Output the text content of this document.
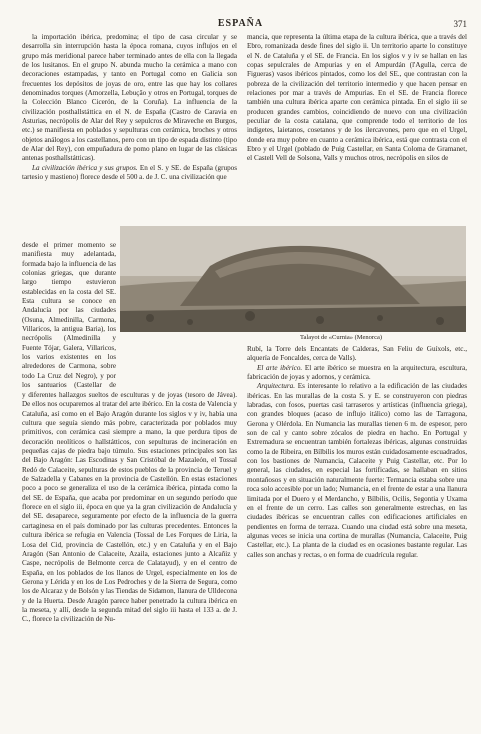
ESPAÑA	371

la importación ibérica, predomina; el tipo de casa circular y se desarrolla sin interrupción hasta la época romana, cuyos influjos en el grupo más meridional parece haber terminado antes de ella con la llegada de los lusitanos. En el grupo N. abunda mucho la cerámica a mano con decoraciones estampadas, y tanto en Portugal como en Galicia son frecuentes los depósitos de joyas de oro, entre las que hay los collares denominados torques (Amorzella, Lebução y otros en Portugal, torques de la Colección Blanco Cicerón, de la Coruña). La influencia de la civilización posthallstáttica en el N. de España (Castro de Caravia en Asturias, necrópolis de Alar del Rey y sepulcros de Miraveche en Burgos, etc.) se manifiesta en poblados y sepulturas con cerámica, broches y otros objetos análogos a los castellanos, pero con un tipo de espada distinto (tipo de Alar del Rey), con empuñadura de pomo plano en lugar de las clásicas antenas posthallstátticas).

La civilización ibérica y sus grupos. En el S. y SE. de España (grupos tartesio y mastieno) florece desde el 500 a. de J. C. una civilización que

desde el primer momento se manifiesta muy adelantada, formada bajo la influencia de las colonias griegas, que durante largo tiempo estuvieron establecidas en la costa del SE. Esta cultura se conoce en Andalucía por las ciudades (Osuna, Almedinilla, Carmona, Villaricos, la antigua Baria), los necrópolis (Almedinilla y Fuente Tójar, Galera, Villaricos, los varios existentes en los alrededores de Carmona, sobre todo La Cruz del Negro), y por los santuarios (Castellar de

Talayot de «Curnia» (Menorca)

y diferentes hallazgos sueltos de esculturas y de joyas (tesoro de Jávea). De ellos nos ocuparemos al tratar del arte ibérico. En la costa de Valencia y Cataluña, así como en el Bajo Aragón durante los siglos v y iv, había una cultura que seguía siendo más pobre, caracterizada por poblados muy primitivos, con cerámica casi siempre a mano, la que perdura tipos de decoración neolíticos o hallstátticos, con sepulturas de incineración en pequeñas cajas de piedra bajo túmulo. Sus estaciones principales son las del Bajo Aragón: Las Escodinas y San Cristóbal de Mazaleón, el Tossal Redó de Calaceite, sepulturas de estos pueblos de la provincia de Teruel y de Salzadella y Cabanes en la provincia de Castellón. En estas estaciones poco a poco se generaliza el uso de la cerámica ibérica, pintada como la del SE. de España, que acaba por predominar en un segundo período que florece en el siglo iii, época en que ya la gran civilización de Andalucía y del SE. desaparece, seguramente por efecto de la influencia de la guerra cartaginesa en el país dominado por las culturas precedentes. Entonces la cultura ibérica se refugia en Valencia (Tossal de Les Forques de Liria, la Losa del Cid, provincia de Castellón, etc.) y en Cataluña y en el Bajo Aragón (San Antonio de Calaceite, Azaila, estaciones junto a Alcañiz y Caspe, necrópolis de Belmonte cerca de Calatayud), y en el centro de España, en los poblados de los llanos de Urgel, especialmente en los de Gerona y Lérida y en los de Los Pedroches y de la Sierra de Segura, como los de Alcaraz y de Bolsón y las Tiendas de Sidamon, llanura de Ulldecona y de la Huerta. Desde Aragón parece haber penetrado la cultura ibérica en la meseta, y allí, desde la segunda mitad del siglo iii hasta el 133 a. de J. C., florece la civilización de Nu-

mancia, que representa la última etapa de la cultura ibérica, que a través del Ebro, romanizada desde fines del siglo ii. Un territorio aparte lo constituye el N. de Cataluña y el SE. de Francia. En los siglos v y iv se hallan en las copas sepulcrales de Ampurias y en el Ampurdán (l'Agulla, cerca de Figueras) vasos ibéricos pintados, como los del SE., que contrastan con la pobreza de la civilización del territorio intermedio y que hacen pensar en relaciones por mar a través de Ampurias. En el SE. de Francia florece también una cultura ibérica aparte con cerámica pintada. En el siglo iii se producen grandes cambios, coincidiendo de nuevo con una civilización peculiar de la costa catalana, que comprende todo el territorio de los indigetes, laietanos, cosetanos y de los ilercavones, pero que en el Urgel, donde era muy pobre en cuanto a cerámica ibérica, está que contrasta con el Ebro y el Urgel (poblado de Puig Castellar, en Santa Coloma de Gramanet, el Castell Vell de Solsona, Valls y muchos otros, necrópolis en silos de

Rubí, la Torre dels Encantats de Calderas, San Feliu de Guíxols, etc., alquería de Foncaldes, cerca de Valls).

El arte ibérico. El arte ibérico se muestra en la arquitectura, escultura, fabricación de joyas y adornos, y cerámica.

Arquitectura. Es interesante lo relativo a la edificación de las ciudades ibéricas. En las murallas de la costa S. y E. se construyeron con piedras labradas, con fosos, puertas casi tarraseros y artísticas (influencia griega), con grandes bloques (acaso de influjo itálico) como las de Tarragona, Gerona y Olérdola. En Numancia las murallas tienen 6 m. de espesor, pero son de cal y canto sobre zócalos de piedra en hacho. En Portugal y Extremadura se encuentran también fortalezas ibéricas, algunas construidas como la de Ribeira, en Bílbilis los muros están cuidadosamente escuadrados, con los bastiones de Numancia, Calaceite y Puig Castellar, etc. Por lo general, las ciudades, en especial las fortificadas, se hallaban en sitios montañosos y en situación naturalmente fuerte: Termancia estaba sobre una roca solo accesible por un lado; Numancia, en el frente de estar a una llanura limitada por el Duero y el Merdancho, y Bílbilis, Ocilis, Segontia y Uxama en el frente de un cerro. Las calles son generalmente estrechas, en las ciudades ibéricas se encuentran calles con edificaciones artificiales en pendientes en forma de terraza. Cuando una ciudad está sobre una meseta, algunas veces se inicia una cortina de murallas (Numancia, Calaceite, Puig Castellar, etc.). La planta de la ciudad es en ocasiones bastante regular. Las calles son anchas y rectas, o en forma de cuadrícula regular.
